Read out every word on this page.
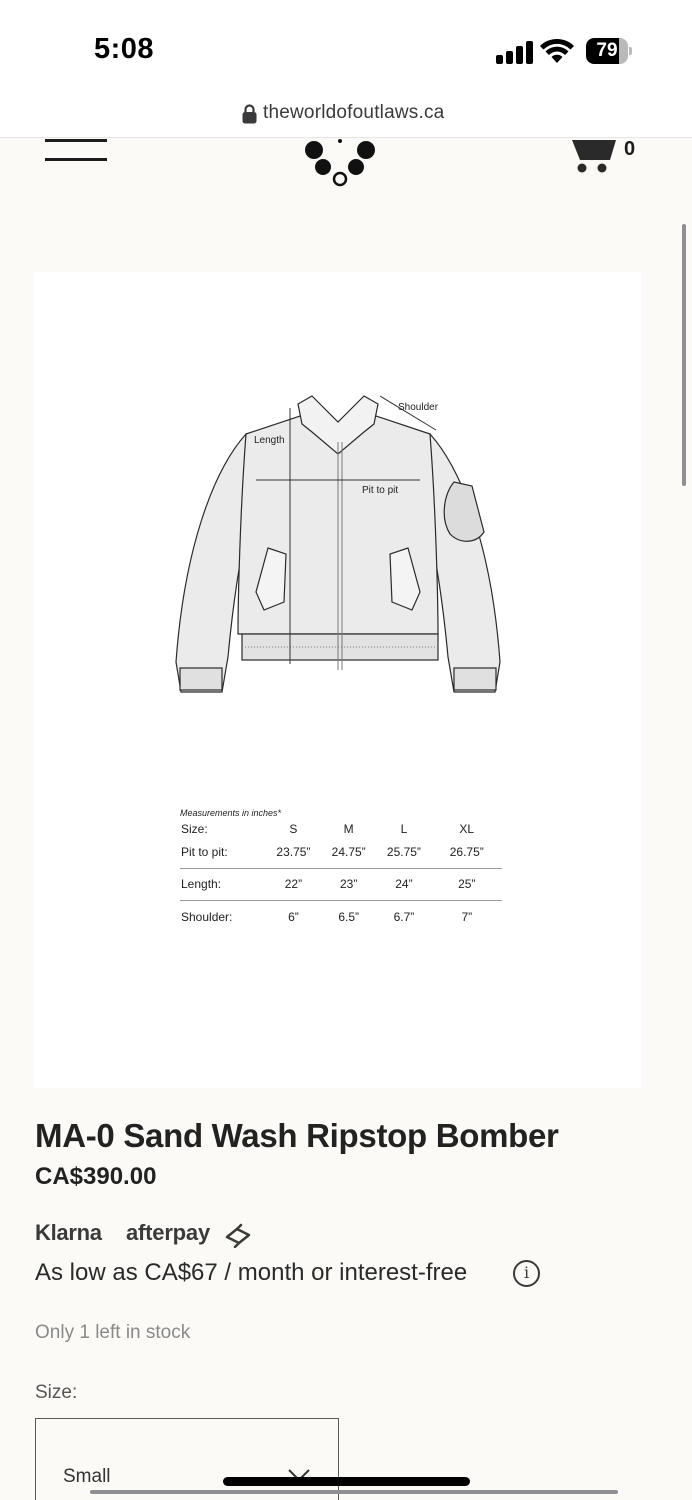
5:08	79
theworldofoutlaws.ca
0
Length
Pit to pit
Shoulder
Measurements in inches*
Size:	S	M	L	XL
Pit to pit:	23.75”	24.75”	25.75”	26.75”
Length:	22”	23”	24”	25”
Shoulder:	6”	6.5”	6.7”	7”
MA-0 Sand Wash Ripstop Bomber
CA$390.00
Klarna afterpay
As low as CA$67 / month or interest-free	i
Only 1 left in stock
Size:
Small
